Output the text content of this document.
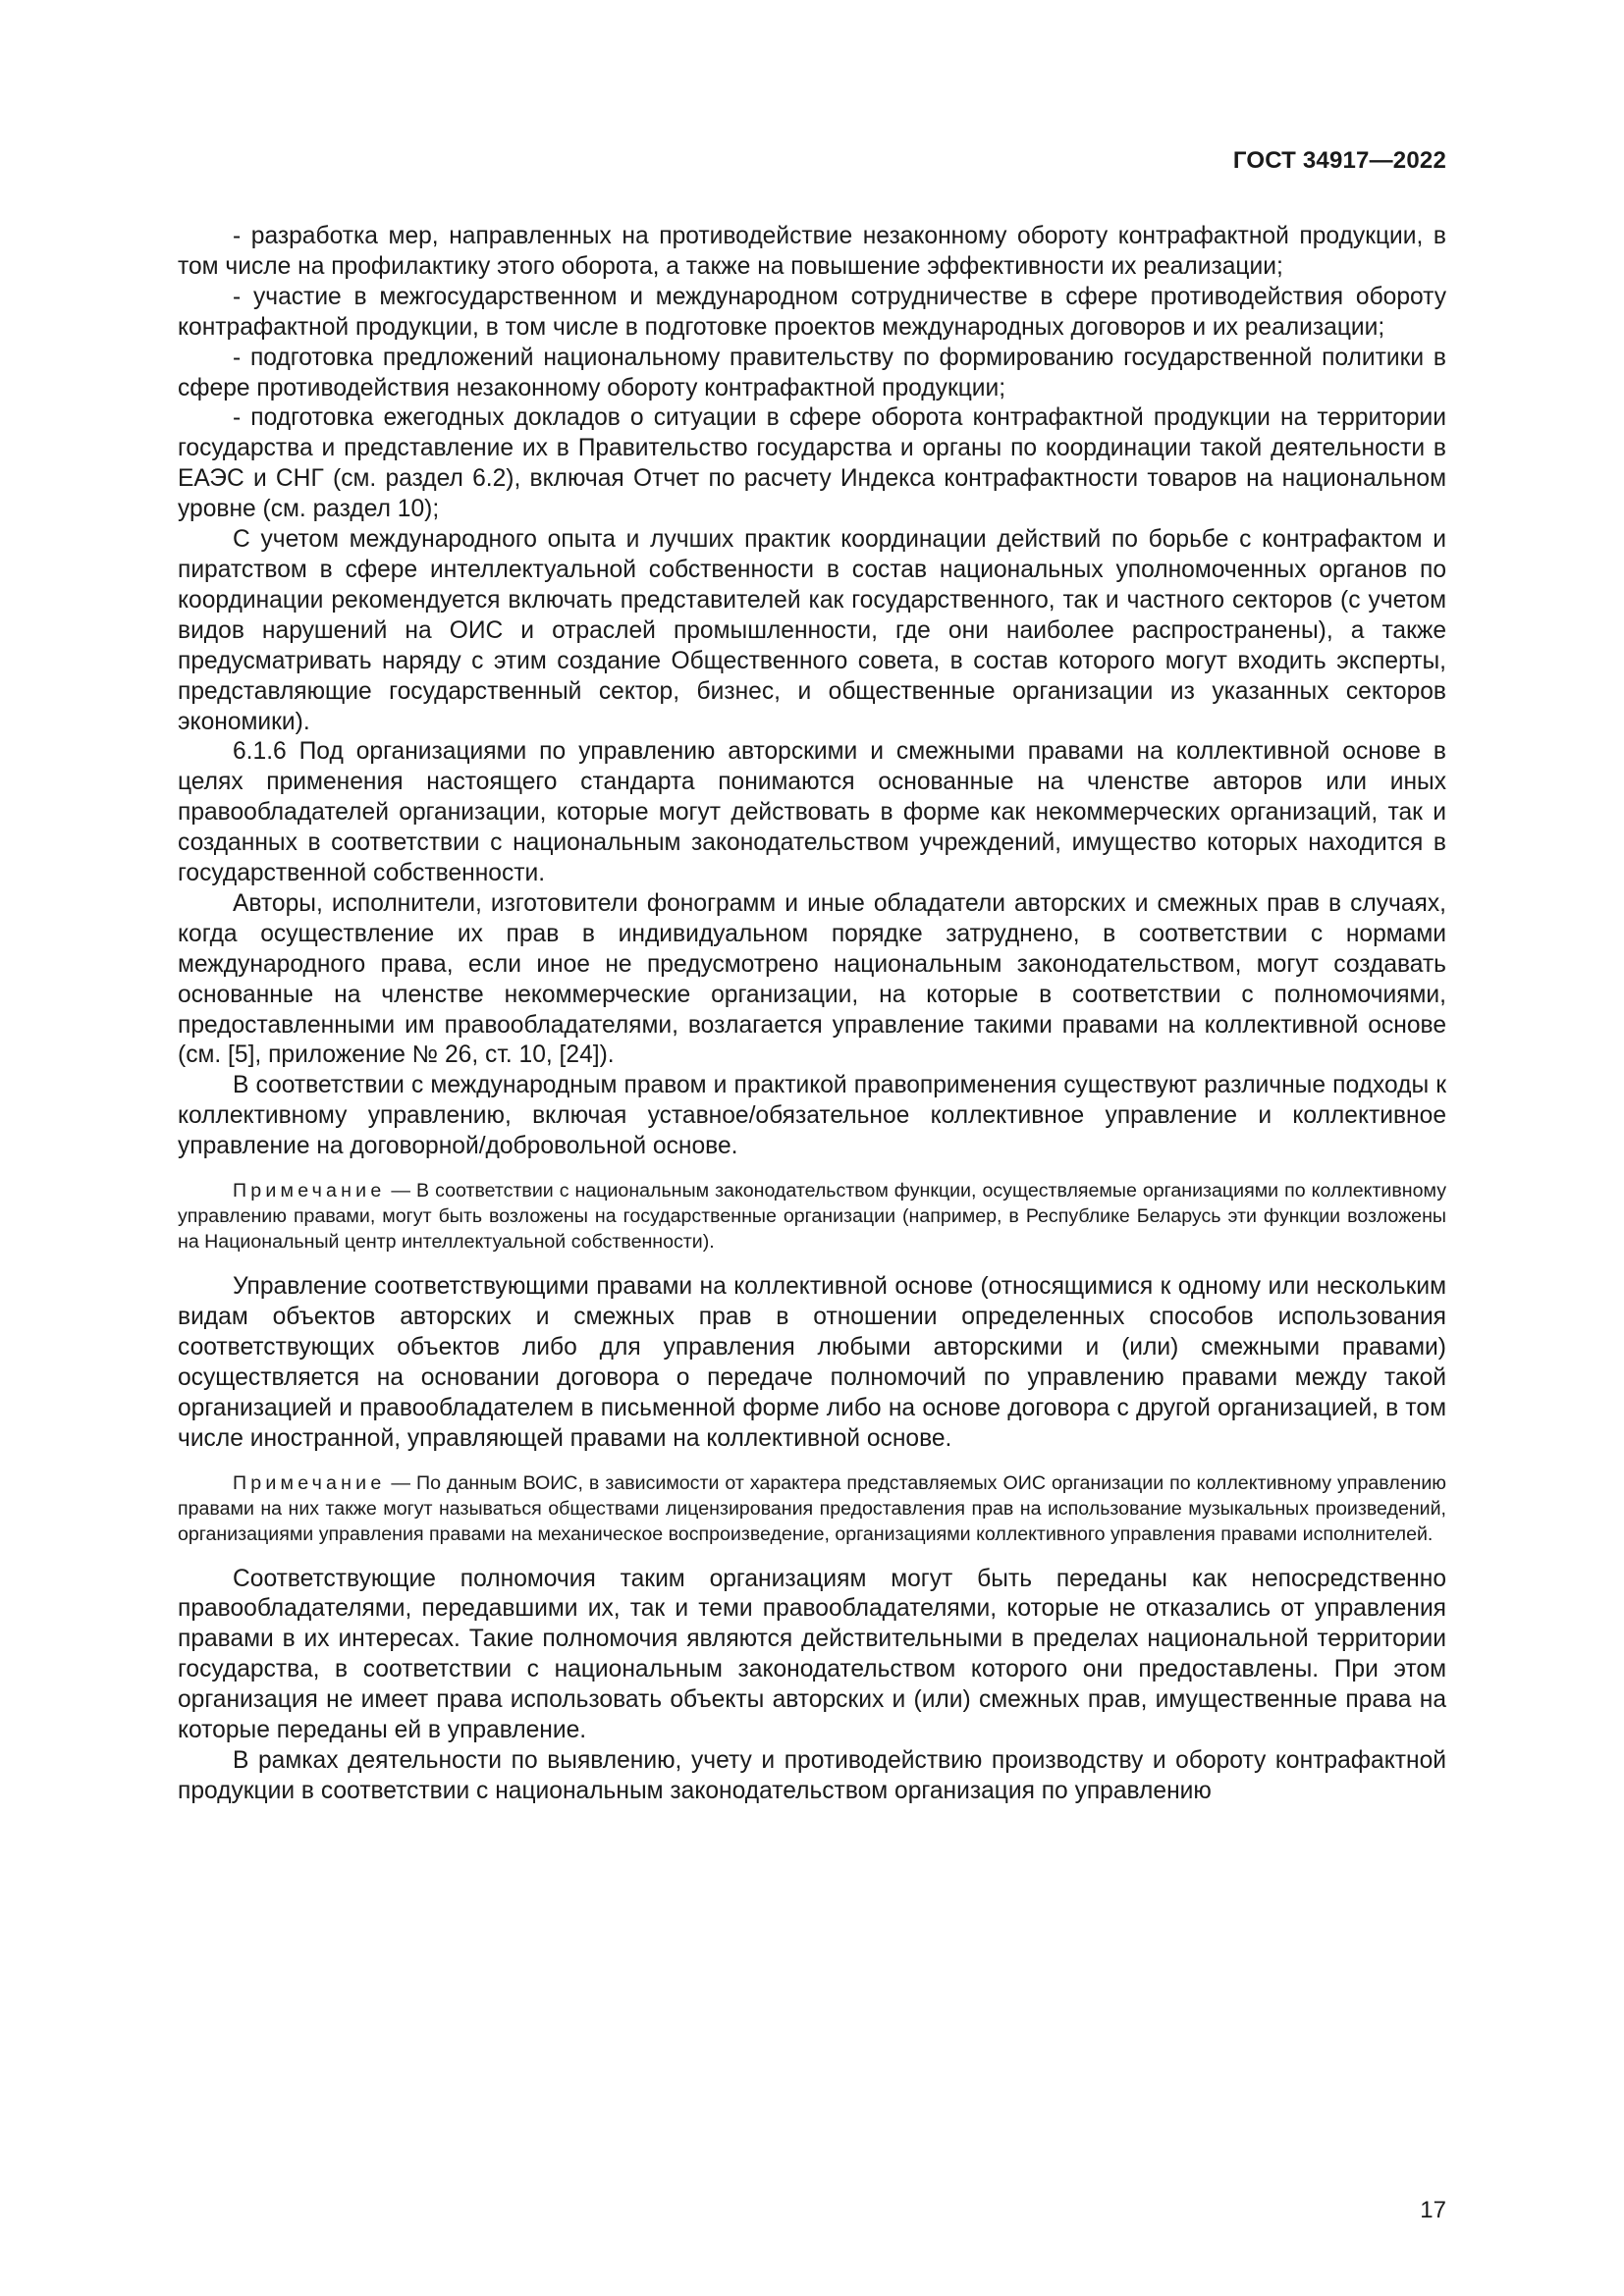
ГОСТ 34917—2022

- разработка мер, направленных на противодействие незаконному обороту контрафактной продукции, в том числе на профилактику этого оборота, а также на повышение эффективности их реализации;

- участие в межгосударственном и международном сотрудничестве в сфере противодействия обороту контрафактной продукции, в том числе в подготовке проектов международных договоров и их реализации;

- подготовка предложений национальному правительству по формированию государственной политики в сфере противодействия незаконному обороту контрафактной продукции;

- подготовка ежегодных докладов о ситуации в сфере оборота контрафактной продукции на территории государства и представление их в Правительство государства и органы по координации такой деятельности в ЕАЭС и СНГ (см. раздел 6.2), включая Отчет по расчету Индекса контрафактности товаров на национальном уровне (см. раздел 10);

С учетом международного опыта и лучших практик координации действий по борьбе с контрафактом и пиратством в сфере интеллектуальной собственности в состав национальных уполномоченных органов по координации рекомендуется включать представителей как государственного, так и частного секторов (с учетом видов нарушений на ОИС и отраслей промышленности, где они наиболее распространены), а также предусматривать наряду с этим создание Общественного совета, в состав которого могут входить эксперты, представляющие государственный сектор, бизнес, и общественные организации из указанных секторов экономики).

6.1.6 Под организациями по управлению авторскими и смежными правами на коллективной основе в целях применения настоящего стандарта понимаются основанные на членстве авторов или иных правообладателей организации, которые могут действовать в форме как некоммерческих организаций, так и созданных в соответствии с национальным законодательством учреждений, имущество которых находится в государственной собственности.

Авторы, исполнители, изготовители фонограмм и иные обладатели авторских и смежных прав в случаях, когда осуществление их прав в индивидуальном порядке затруднено, в соответствии с нормами международного права, если иное не предусмотрено национальным законодательством, могут создавать основанные на членстве некоммерческие организации, на которые в соответствии с полномочиями, предоставленными им правообладателями, возлагается управление такими правами на коллективной основе (см. [5], приложение № 26, ст. 10, [24]).

В соответствии с международным правом и практикой правоприменения существуют различные подходы к коллективному управлению, включая уставное/обязательное коллективное управление и коллективное управление на договорной/добровольной основе.

Примечание — В соответствии с национальным законодательством функции, осуществляемые организациями по коллективному управлению правами, могут быть возложены на государственные организации (например, в Республике Беларусь эти функции возложены на Национальный центр интеллектуальной собственности).

Управление соответствующими правами на коллективной основе (относящимися к одному или нескольким видам объектов авторских и смежных прав в отношении определенных способов использования соответствующих объектов либо для управления любыми авторскими и (или) смежными правами) осуществляется на основании договора о передаче полномочий по управлению правами между такой организацией и правообладателем в письменной форме либо на основе договора с другой организацией, в том числе иностранной, управляющей правами на коллективной основе.

Примечание — По данным ВОИС, в зависимости от характера представляемых ОИС организации по коллективному управлению правами на них также могут называться обществами лицензирования предоставления прав на использование музыкальных произведений, организациями управления правами на механическое воспроизведение, организациями коллективного управления правами исполнителей.

Соответствующие полномочия таким организациям могут быть переданы как непосредственно правообладателями, передавшими их, так и теми правообладателями, которые не отказались от управления правами в их интересах. Такие полномочия являются действительными в пределах национальной территории государства, в соответствии с национальным законодательством которого они предоставлены. При этом организация не имеет права использовать объекты авторских и (или) смежных прав, имущественные права на которые переданы ей в управление.

В рамках деятельности по выявлению, учету и противодействию производству и обороту контрафактной продукции в соответствии с национальным законодательством организация по управлению

17
